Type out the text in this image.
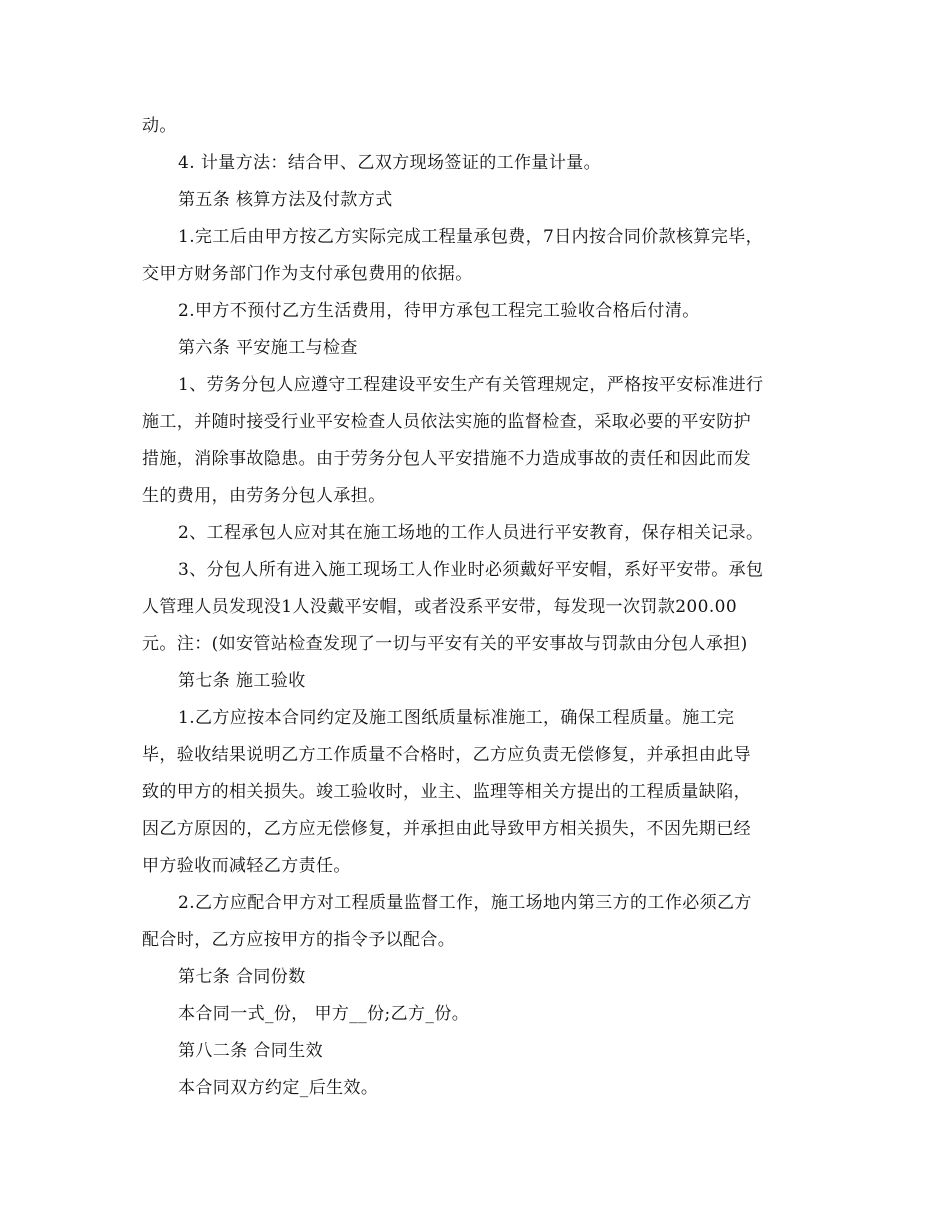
动。
4. 计量方法：结合甲、乙双方现场签证的工作量计量。
第五条 核算方法及付款方式
1.完工后由甲方按乙方实际完成工程量承包费，7日内按合同价款核算完毕，
交甲方财务部门作为支付承包费用的依据。
2.甲方不预付乙方生活费用，待甲方承包工程完工验收合格后付清。
第六条 平安施工与检查
1、劳务分包人应遵守工程建设平安生产有关管理规定，严格按平安标准进行
施工，并随时接受行业平安检查人员依法实施的监督检查，采取必要的平安防护
措施，消除事故隐患。由于劳务分包人平安措施不力造成事故的责任和因此而发
生的费用，由劳务分包人承担。
2、工程承包人应对其在施工场地的工作人员进行平安教育，保存相关记录。
3、分包人所有进入施工现场工人作业时必须戴好平安帽，系好平安带。承包
人管理人员发现没1人没戴平安帽，或者没系平安带，每发现一次罚款200.00
元。注：(如安管站检查发现了一切与平安有关的平安事故与罚款由分包人承担)
第七条 施工验收
1.乙方应按本合同约定及施工图纸质量标准施工，确保工程质量。施工完
毕，验收结果说明乙方工作质量不合格时，乙方应负责无偿修复，并承担由此导
致的甲方的相关损失。竣工验收时，业主、监理等相关方提出的工程质量缺陷，
因乙方原因的，乙方应无偿修复，并承担由此导致甲方相关损失，不因先期已经
甲方验收而减轻乙方责任。
2.乙方应配合甲方对工程质量监督工作，施工场地内第三方的工作必须乙方
配合时，乙方应按甲方的指令予以配合。
第七条 合同份数
本合同一式_份， 甲方__份;乙方_份。
第八二条 合同生效
本合同双方约定_后生效。
